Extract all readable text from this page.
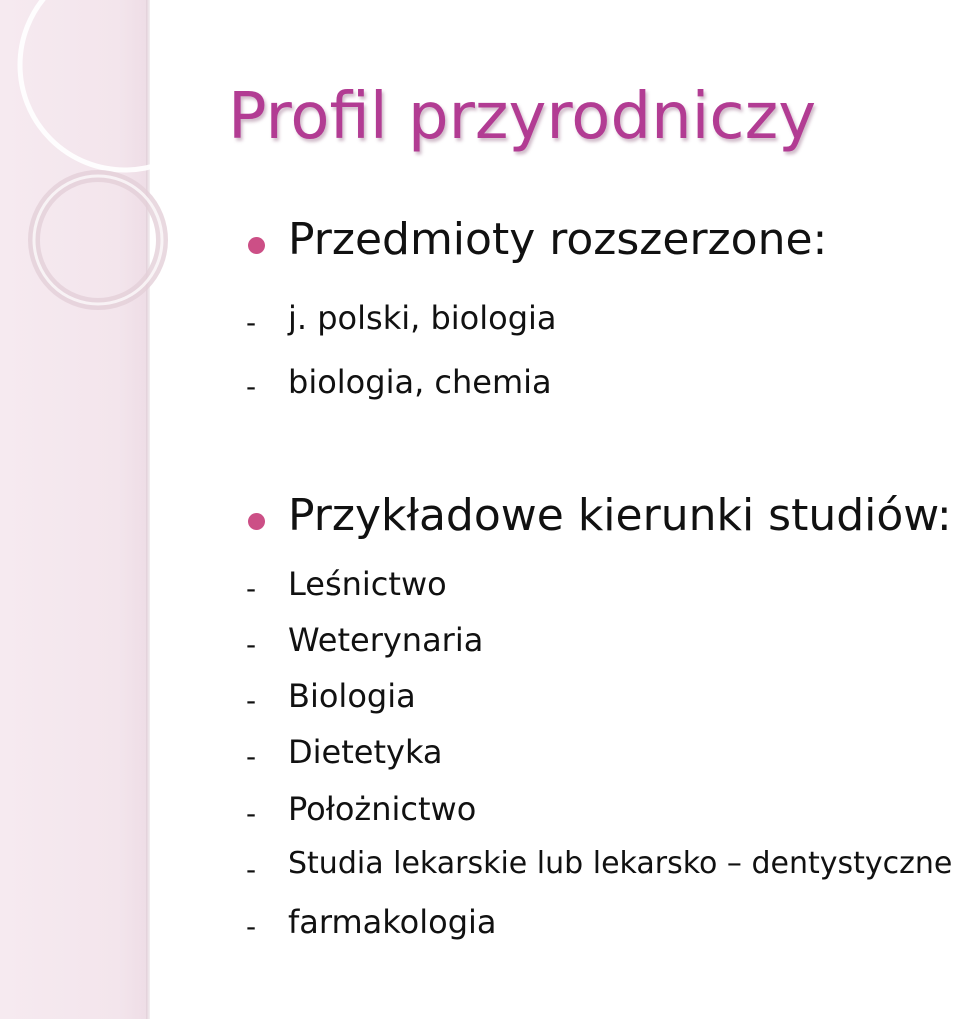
Profil przyrodniczy
Przedmioty rozszerzone:
- j. polski, biologia
- biologia, chemia
Przykładowe kierunki studiów:
- Leśnictwo
- Weterynaria
- Biologia
- Dietetyka
- Położnictwo
- Studia lekarskie lub lekarsko – dentystyczne
- farmakologia
